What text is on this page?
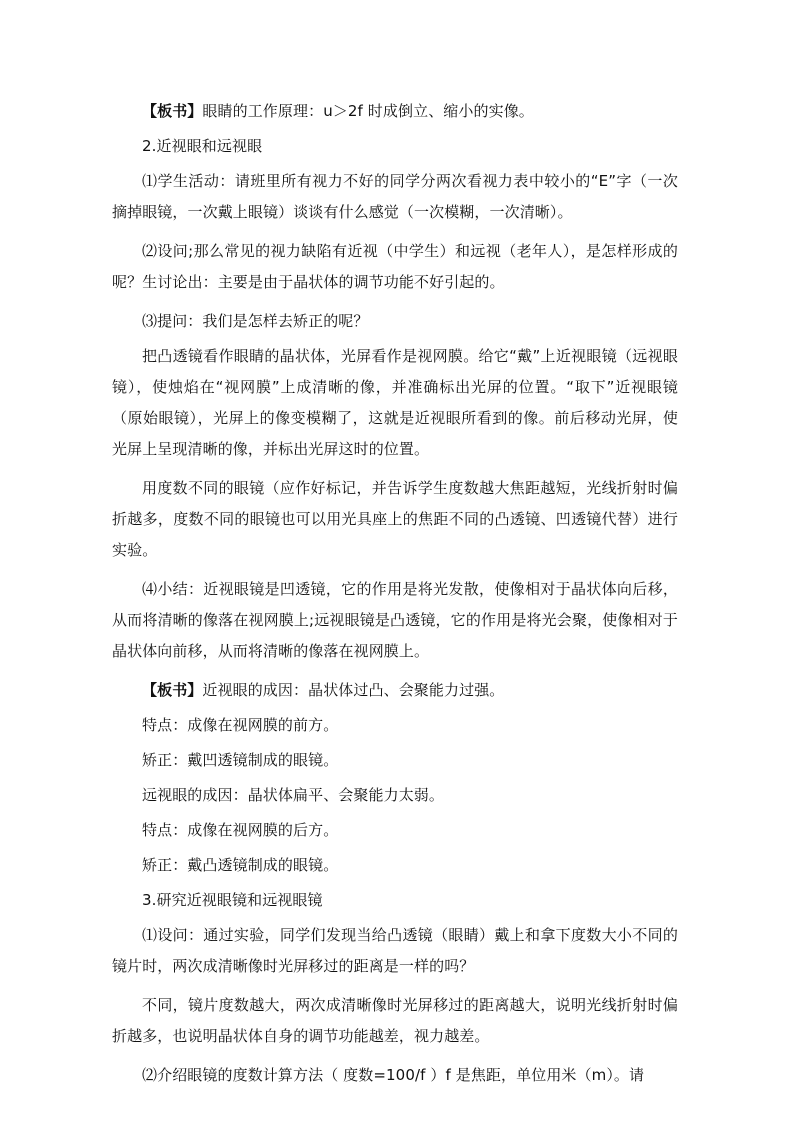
【板书】眼睛的工作原理：u＞2f 时成倒立、缩小的实像。

2.近视眼和远视眼

⑴学生活动：请班里所有视力不好的同学分两次看视力表中较小的“E”字（一次摘掉眼镜，一次戴上眼镜）谈谈有什么感觉（一次模糊，一次清晰）。

⑵设问;那么常见的视力缺陷有近视（中学生）和远视（老年人），是怎样形成的呢？生讨论出：主要是由于晶状体的调节功能不好引起的。

⑶提问：我们是怎样去矫正的呢？

把凸透镜看作眼睛的晶状体，光屏看作是视网膜。给它“戴”上近视眼镜（远视眼镜），使烛焰在“视网膜”上成清晰的像，并准确标出光屏的位置。“取下”近视眼镜（原始眼镜），光屏上的像变模糊了，这就是近视眼所看到的像。前后移动光屏，使光屏上呈现清晰的像，并标出光屏这时的位置。

用度数不同的眼镜（应作好标记，并告诉学生度数越大焦距越短，光线折射时偏折越多，度数不同的眼镜也可以用光具座上的焦距不同的凸透镜、凹透镜代替）进行实验。

⑷小结：近视眼镜是凹透镜，它的作用是将光发散，使像相对于晶状体向后移，从而将清晰的像落在视网膜上;远视眼镜是凸透镜，它的作用是将光会聚，使像相对于晶状体向前移，从而将清晰的像落在视网膜上。

【板书】近视眼的成因：晶状体过凸、会聚能力过强。

特点：成像在视网膜的前方。

矫正：戴凹透镜制成的眼镜。

远视眼的成因：晶状体扁平、会聚能力太弱。

特点：成像在视网膜的后方。

矫正：戴凸透镜制成的眼镜。

3.研究近视眼镜和远视眼镜

⑴设问：通过实验，同学们发现当给凸透镜（眼睛）戴上和拿下度数大小不同的镜片时，两次成清晰像时光屏移过的距离是一样的吗？

不同，镜片度数越大，两次成清晰像时光屏移过的距离越大，说明光线折射时偏折越多，也说明晶状体自身的调节功能越差，视力越差。

⑵介绍眼镜的度数计算方法（ 度数=100/f ）f 是焦距，单位用米（m）。请
